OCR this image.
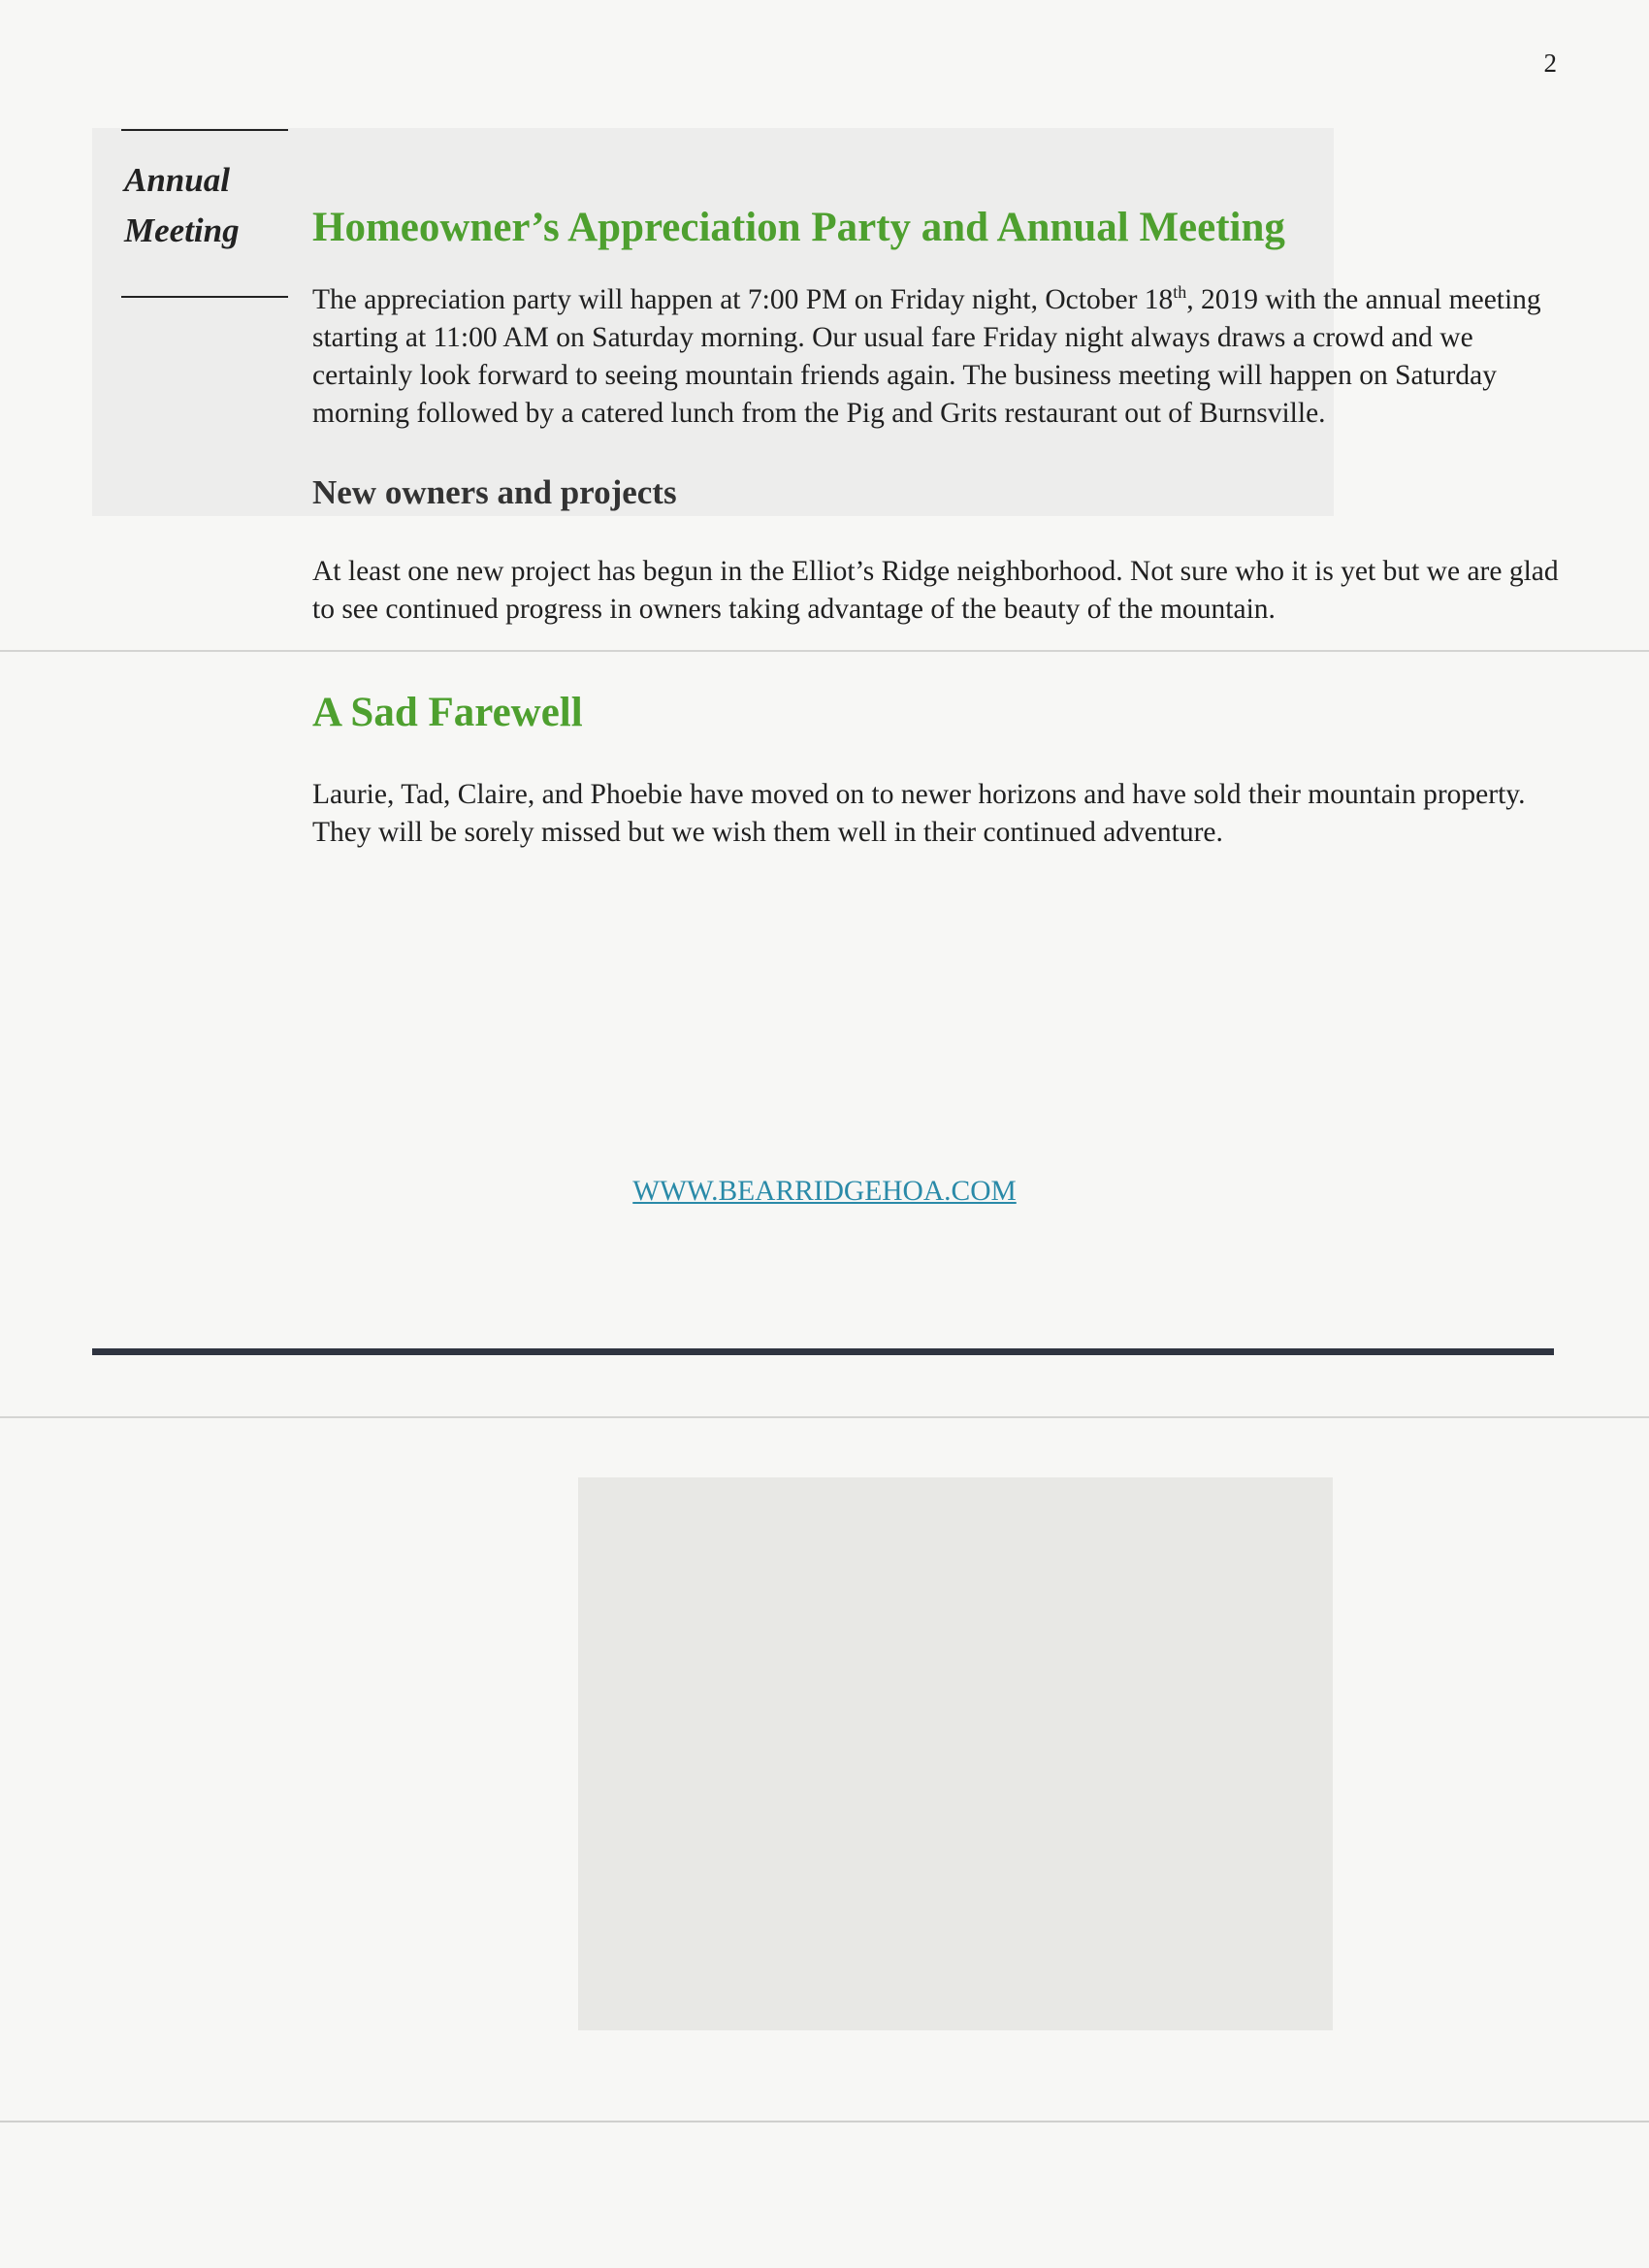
2
Annual
Meeting	Homeowner’s Appreciation Party and Annual Meeting

The appreciation party will happen at 7:00 PM on Friday night, October 18th, 2019 with the annual meeting starting at 11:00 AM on Saturday morning. Our usual fare Friday night always draws a crowd and we certainly look forward to seeing mountain friends again. The business meeting will happen on Saturday morning followed by a catered lunch from the Pig and Grits restaurant out of Burnsville.

New owners and projects

At least one new project has begun in the Elliot’s Ridge neighborhood. Not sure who it is yet but we are glad to see continued progress in owners taking advantage of the beauty of the mountain.

A Sad Farewell

Laurie, Tad, Claire, and Phoebie have moved on to newer horizons and have sold their mountain property. They will be sorely missed but we wish them well in their continued adventure.

WWW.BEARRIDGEHOA.COM
